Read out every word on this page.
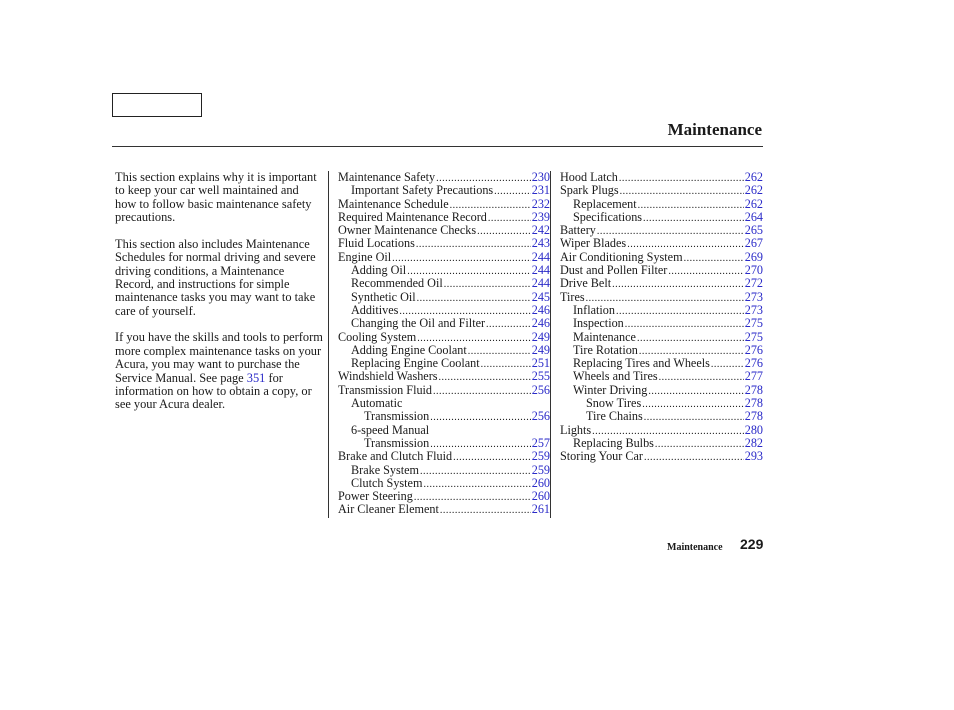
Maintenance

This section explains why it is important to keep your car well maintained and how to follow basic maintenance safety precautions.

This section also includes Maintenance Schedules for normal driving and severe driving conditions, a Maintenance Record, and instructions for simple maintenance tasks you may want to take care of yourself.

If you have the skills and tools to perform more complex maintenance tasks on your Acura, you may want to purchase the Service Manual. See page 351 for information on how to obtain a copy, or see your Acura dealer.

Maintenance Safety .....	230
Important Safety Precautions .....	231
Maintenance Schedule .....	232
Required Maintenance Record .....	239
Owner Maintenance Checks .....	242
Fluid Locations .....	243
Engine Oil .....	244
Adding Oil .....	244
Recommended Oil .....	244
Synthetic Oil .....	245
Additives .....	246
Changing the Oil and Filter .....	246
Cooling System .....	249
Adding Engine Coolant .....	249
Replacing Engine Coolant .....	251
Windshield Washers .....	255
Transmission Fluid .....	256
Automatic
Transmission .....	256
6-speed Manual
Transmission .....	257
Brake and Clutch Fluid .....	259
Brake System .....	259
Clutch System .....	260
Power Steering .....	260
Air Cleaner Element .....	261
Hood Latch .....	262
Spark Plugs .....	262
Replacement .....	262
Specifications .....	264
Battery .....	265
Wiper Blades .....	267
Air Conditioning System .....	269
Dust and Pollen Filter .....	270
Drive Belt .....	272
Tires .....	273
Inflation .....	273
Inspection .....	275
Maintenance .....	275
Tire Rotation .....	276
Replacing Tires and Wheels .....	276
Wheels and Tires .....	277
Winter Driving .....	278
Snow Tires .....	278
Tire Chains .....	278
Lights .....	280
Replacing Bulbs .....	282
Storing Your Car .....	293
Maintenance 229
